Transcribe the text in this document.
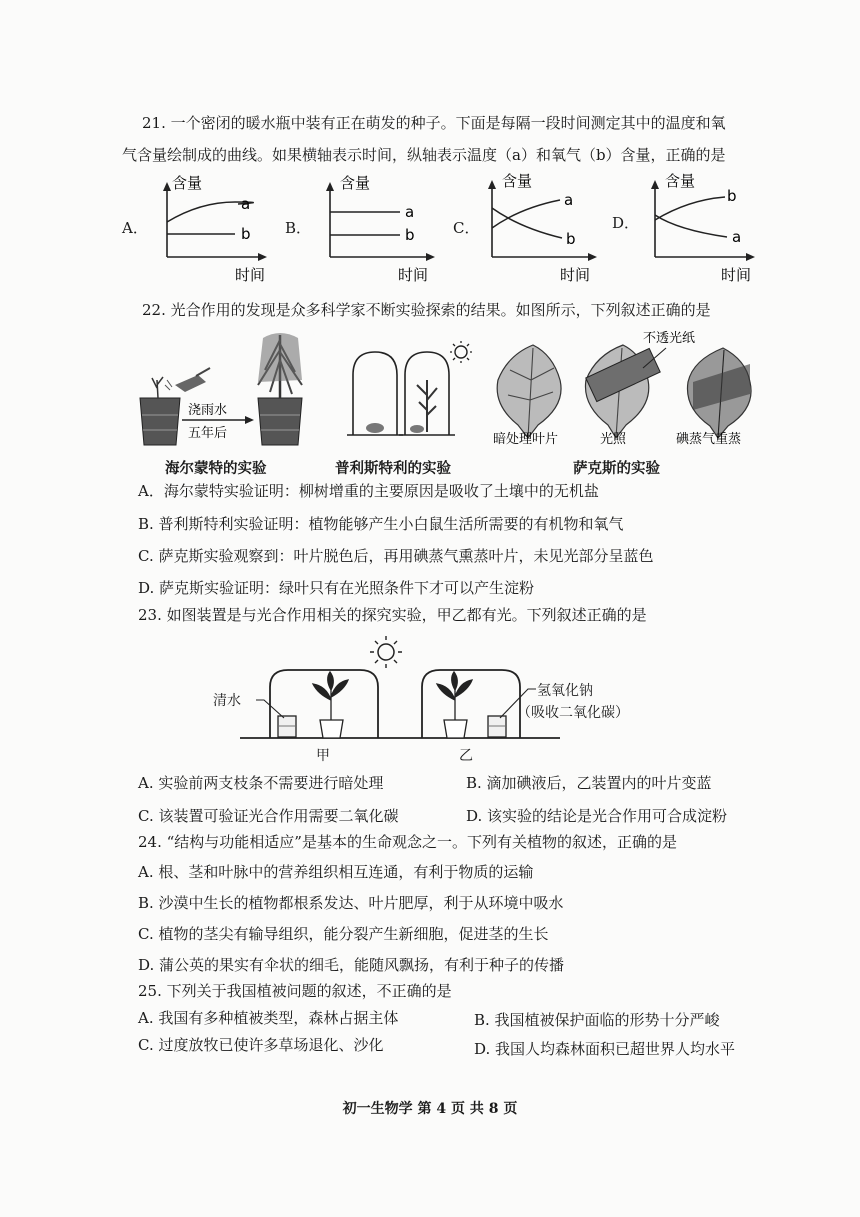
21. 一个密闭的暖水瓶中装有正在萌发的种子。下面是每隔一段时间测定其中的温度和氧
气含量绘制成的曲线。如果横轴表示时间，纵轴表示温度（a）和氧气（b）含量，正确的是
A．
含量
a
b
时间
B．
含量
a
b
时间
C．
含量
a
b
时间
D．
含量
b
a
时间
22. 光合作用的发现是众多科学家不断实验探索的结果。如图所示，下列叙述正确的是
浇雨水
五年后	暗处理叶片
不透光纸
光照	碘蒸气重蒸
海尔蒙特的实验	普利斯特利的实验	萨克斯的实验
A．海尔蒙特实验证明：柳树增重的主要原因是吸收了土壤中的无机盐
B. 普利斯特利实验证明：植物能够产生小白鼠生活所需要的有机物和氧气
C. 萨克斯实验观察到：叶片脱色后，再用碘蒸气熏蒸叶片，未见光部分呈蓝色
D. 萨克斯实验证明：绿叶只有在光照条件下才可以产生淀粉
23. 如图装置是与光合作用相关的探究实验，甲乙都有光。下列叙述正确的是
清水
氢氧化钠
（吸收二氧化碳）
甲	乙
A. 实验前两支枝条不需要进行暗处理	B. 滴加碘液后，乙装置内的叶片变蓝
C. 该装置可验证光合作用需要二氧化碳	D. 该实验的结论是光合作用可合成淀粉
24. “结构与功能相适应”是基本的生命观念之一。下列有关植物的叙述，正确的是
A. 根、茎和叶脉中的营养组织相互连通，有利于物质的运输
B. 沙漠中生长的植物都根系发达、叶片肥厚，利于从环境中吸水
C. 植物的茎尖有输导组织，能分裂产生新细胞，促进茎的生长
D. 蒲公英的果实有伞状的细毛，能随风飘扬，有利于种子的传播
25. 下列关于我国植被问题的叙述，不正确的是
A. 我国有多种植被类型，森林占据主体	B. 我国植被保护面临的形势十分严峻
C. 过度放牧已使许多草场退化、沙化	D. 我国人均森林面积已超世界人均水平
初一生物学 第 4 页 共 8 页
